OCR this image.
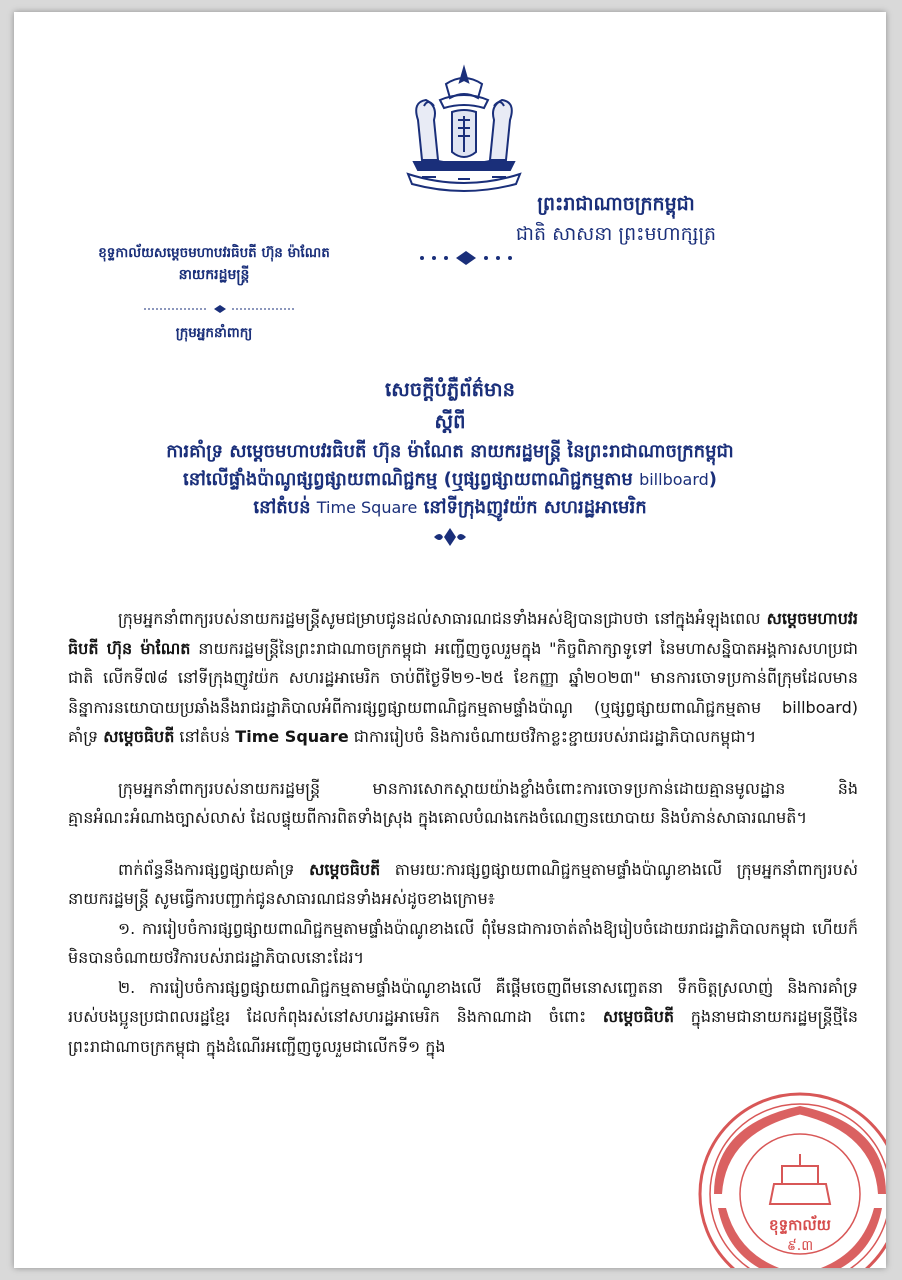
ព្រះរាជាណាចក្រកម្ពុជា
ជាតិ សាសនា ព្រះមហាក្សត្រ
ខុទ្ទកាល័យសម្តេចមហាបវរធិបតី ហ៊ុន ម៉ាណែត
នាយករដ្ឋមន្ត្រី
ក្រុមអ្នកនាំពាក្យ
សេចក្តីបំភ្លឺព័ត៌មាន
ស្តីពី
ការគាំទ្រ សម្តេចមហាបវរធិបតី ហ៊ុន ម៉ាណែត នាយករដ្ឋមន្ត្រី នៃព្រះរាជាណាចក្រកម្ពុជា
នៅលើផ្ទាំងប៉ាណូផ្សព្វផ្សាយពាណិជ្ជកម្ម (ឬផ្សព្វផ្សាយពាណិជ្ជកម្មតាម billboard)
នៅតំបន់ Time Square នៅទីក្រុងញូវយ៉ក សហរដ្ឋអាមេរិក

ក្រុមអ្នកនាំពាក្យរបស់នាយករដ្ឋមន្ត្រីសូមជម្រាបជូនដល់សាធារណជនទាំងអស់ឱ្យបានជ្រាបថា នៅក្នុងអំឡុងពេល សម្តេចមហាបវរធិបតី ហ៊ុន ម៉ាណែត នាយករដ្ឋមន្ត្រីនៃព្រះរាជាណាចក្រកម្ពុជា អញ្ជើញចូលរួមក្នុង "កិច្ចពិភាក្សាទូទៅ នៃមហាសន្និបាតអង្គការសហប្រជាជាតិ លើកទី៧៨ នៅទីក្រុងញូវយ៉ក សហរដ្ឋអាមេរិក ចាប់ពីថ្ងៃទី២១-២៥ ខែកញ្ញា ឆ្នាំ២០២៣" មានការចោទប្រកាន់ពីក្រុមដែលមាននិន្នាការនយោបាយប្រឆាំងនឹងរាជរដ្ឋាភិបាលអំពីការផ្សព្វផ្សាយពាណិជ្ជកម្មតាមផ្ទាំងប៉ាណូ (ឬផ្សព្វផ្សាយពាណិជ្ជកម្មតាម billboard) គាំទ្រ សម្តេចធិបតី នៅតំបន់ Time Square ជាការរៀបចំ និងការចំណាយថវិកាខ្លះខ្ជាយរបស់រាជរដ្ឋាភិបាលកម្ពុជា។

ក្រុមអ្នកនាំពាក្យរបស់នាយករដ្ឋមន្ត្រី មានការសោកស្តាយយ៉ាងខ្លាំងចំពោះការចោទប្រកាន់ដោយគ្មានមូលដ្ឋាន និងគ្មានអំណះអំណាងច្បាស់លាស់ ដែលផ្ទុយពីការពិតទាំងស្រុង ក្នុងគោលបំណងកេងចំណេញនយោបាយ និងបំភាន់សាធារណមតិ។

ពាក់ព័ន្ធនឹងការផ្សព្វផ្សាយគាំទ្រ សម្តេចធិបតី តាមរយៈការផ្សព្វផ្សាយពាណិជ្ជកម្មតាមផ្ទាំងប៉ាណូខាងលើ ក្រុមអ្នកនាំពាក្យរបស់នាយករដ្ឋមន្ត្រី សូមធ្វើការបញ្ជាក់ជូនសាធារណជនទាំងអស់ដូចខាងក្រោម៖

១. ការរៀបចំការផ្សព្វផ្សាយពាណិជ្ជកម្មតាមផ្ទាំងប៉ាណូខាងលើ ពុំមែនជាការចាត់តាំងឱ្យរៀបចំដោយរាជរដ្ឋាភិបាលកម្ពុជា ហើយក៏មិនបានចំណាយថវិការបស់រាជរដ្ឋាភិបាលនោះដែរ។

២. ការរៀបចំការផ្សព្វផ្សាយពាណិជ្ជកម្មតាមផ្ទាំងប៉ាណូខាងលើ គឺផ្តើមចេញពីមនោសញ្ចេតនា ទឹកចិត្តស្រលាញ់ និងការគាំទ្រ របស់បងប្អូនប្រជាពលរដ្ឋខ្មែរ ដែលកំពុងរស់នៅសហរដ្ឋអាមេរិក និងកាណាដា ចំពោះ សម្តេចធិបតី ក្នុងនាមជានាយករដ្ឋមន្ត្រីថ្មីនៃព្រះរាជាណាចក្រកម្ពុជា ក្នុងដំណើរអញ្ជើញចូលរួមជាលើកទី១ ក្នុង

ខុទ្ទកាល័យ
៩.៣
